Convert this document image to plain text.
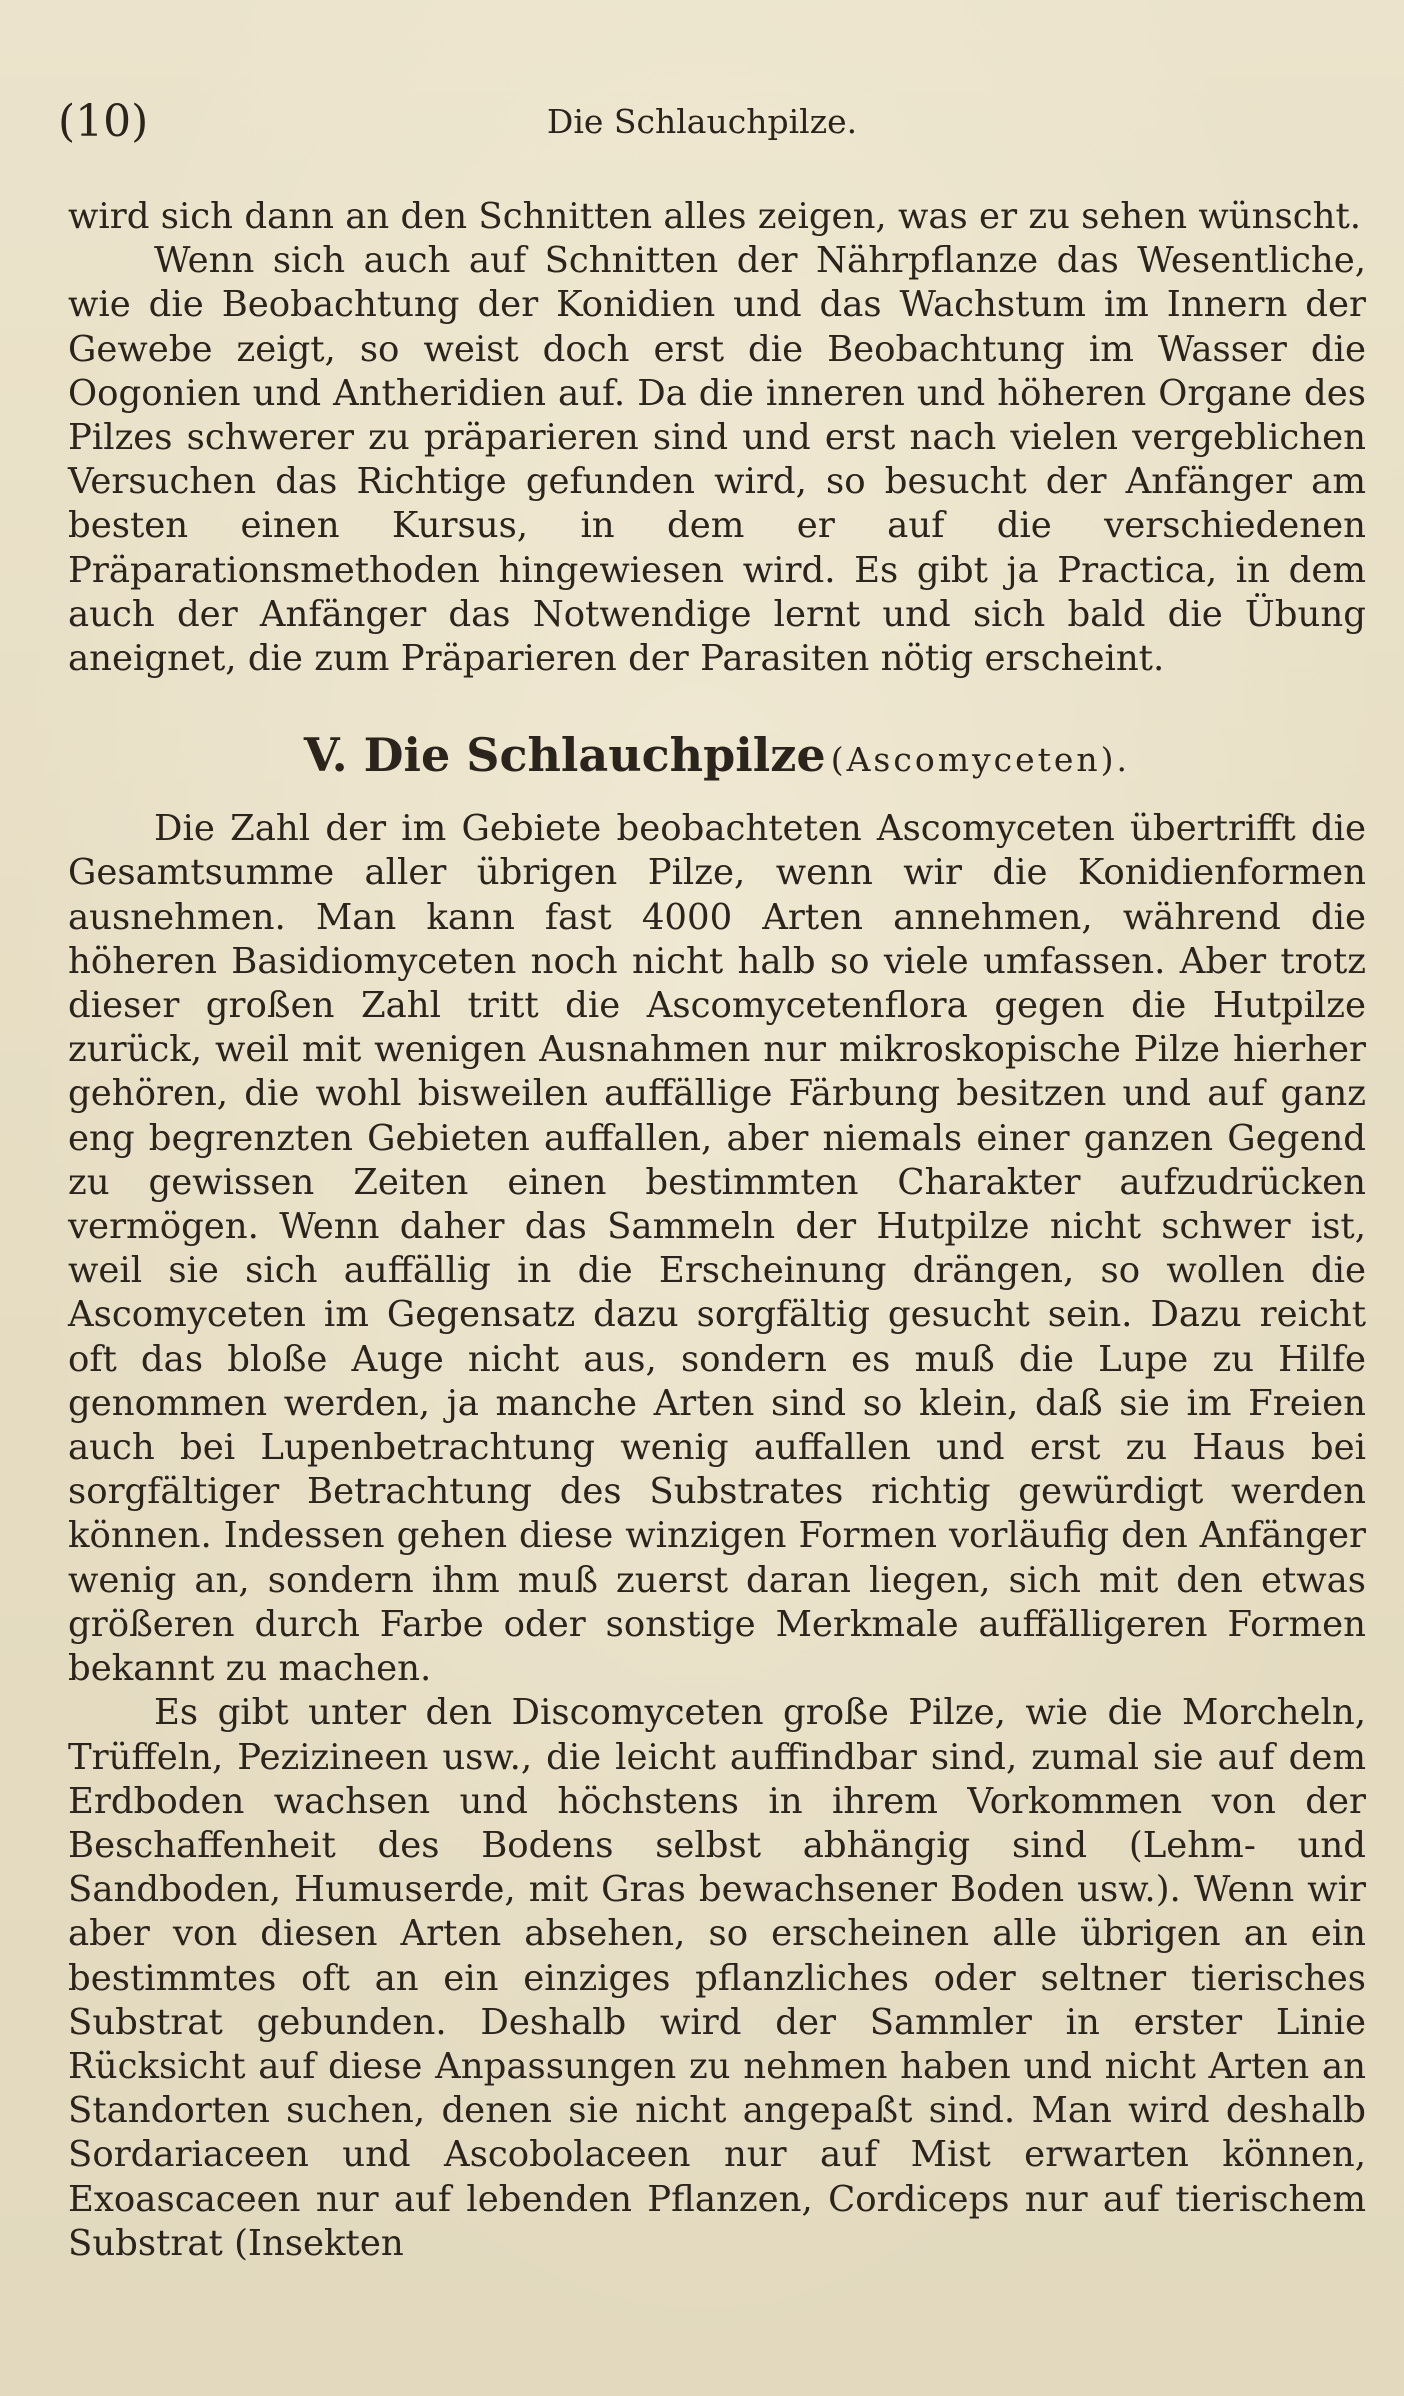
(10)	Die Schlauchpilze.

wird sich dann an den Schnitten alles zeigen, was er zu sehen wünscht.

Wenn sich auch auf Schnitten der Nährpflanze das Wesentliche, wie die Beobachtung der Konidien und das Wachstum im Innern der Gewebe zeigt, so weist doch erst die Beobachtung im Wasser die Oogonien und Antheridien auf. Da die inneren und höheren Organe des Pilzes schwerer zu präparieren sind und erst nach vielen vergeblichen Versuchen das Richtige gefunden wird, so besucht der Anfänger am besten einen Kursus, in dem er auf die verschiedenen Präparationsmethoden hingewiesen wird. Es gibt ja Practica, in dem auch der Anfänger das Notwendige lernt und sich bald die Übung aneignet, die zum Präparieren der Parasiten nötig erscheint.

V. Die Schlauchpilze (Ascomyceten).

Die Zahl der im Gebiete beobachteten Ascomyceten übertrifft die Gesamtsumme aller übrigen Pilze, wenn wir die Konidienformen ausnehmen. Man kann fast 4000 Arten annehmen, während die höheren Basidiomyceten noch nicht halb so viele umfassen. Aber trotz dieser großen Zahl tritt die Ascomycetenflora gegen die Hutpilze zurück, weil mit wenigen Ausnahmen nur mikroskopische Pilze hierher gehören, die wohl bisweilen auffällige Färbung besitzen und auf ganz eng begrenzten Gebieten auffallen, aber niemals einer ganzen Gegend zu gewissen Zeiten einen bestimmten Charakter aufzudrücken vermögen. Wenn daher das Sammeln der Hutpilze nicht schwer ist, weil sie sich auffällig in die Erscheinung drängen, so wollen die Ascomyceten im Gegensatz dazu sorgfältig gesucht sein. Dazu reicht oft das bloße Auge nicht aus, sondern es muß die Lupe zu Hilfe genommen werden, ja manche Arten sind so klein, daß sie im Freien auch bei Lupenbetrachtung wenig auffallen und erst zu Haus bei sorgfältiger Betrachtung des Substrates richtig gewürdigt werden können. Indessen gehen diese winzigen Formen vorläufig den Anfänger wenig an, sondern ihm muß zuerst daran liegen, sich mit den etwas größeren durch Farbe oder sonstige Merkmale auffälligeren Formen bekannt zu machen.

Es gibt unter den Discomyceten große Pilze, wie die Morcheln, Trüffeln, Pezizineen usw., die leicht auffindbar sind, zumal sie auf dem Erdboden wachsen und höchstens in ihrem Vorkommen von der Beschaffenheit des Bodens selbst abhängig sind (Lehm- und Sandboden, Humuserde, mit Gras bewachsener Boden usw.). Wenn wir aber von diesen Arten absehen, so erscheinen alle übrigen an ein bestimmtes oft an ein einziges pflanzliches oder seltner tierisches Substrat gebunden. Deshalb wird der Sammler in erster Linie Rücksicht auf diese Anpassungen zu nehmen haben und nicht Arten an Standorten suchen, denen sie nicht angepaßt sind. Man wird deshalb Sordariaceen und Ascobolaceen nur auf Mist erwarten können, Exoascaceen nur auf lebenden Pflanzen, Cordiceps nur auf tierischem Substrat (Insekten
